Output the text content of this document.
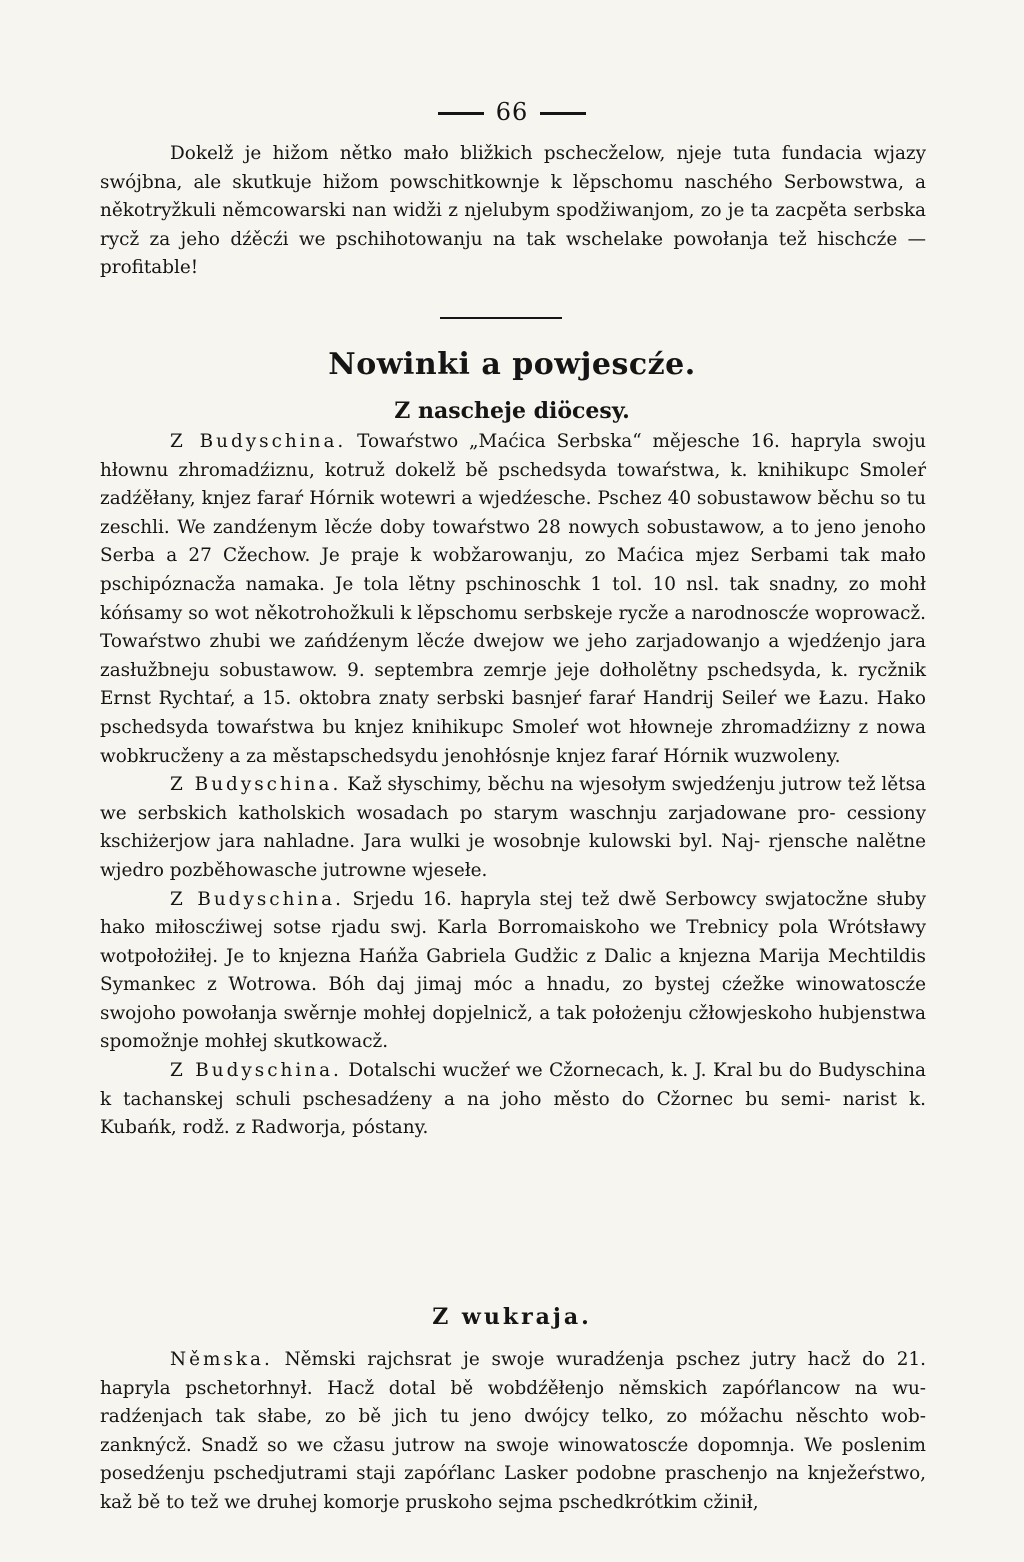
66

Dokelž je hižom nětko mało bližkich pschecželow, njeje tuta fundacia wjazy swójbna, ale skutkuje hižom powschitkownje k lěpschomu naschého Serbowstwa, a někotryžkuli němcowarski nan widži z njelubym spodžiwanjom, zo je ta zacpěta serbska rycž za jeho dźěcźi we pschihotowanju na tak wschelake powołanja tež hischcźe — profitable!

Nowinki a powjescźe.
Z naschejе diöcesy.

Z Budyschina. Towaŕstwo „Maćica Serbska“ mějesche 16. hapryla swoju hłownu zhromadźiznu, kotruž dokelž bě pschedsyda towaŕstwa, k. knihikupc Smoleŕ zadźěłany, knjez faraŕ Hórnik wotewri a wjedźesche. Pschez 40 sobustawow běchu so tu zeschli. We zandźenym lěcźe doby towaŕstwo 28 nowych sobustawow, a to jeno jenoho Serba a 27 Cžechow. Je praje k wobžarowanju, zo Maćica mjez Serbami tak mało pschipóznacža namaka. Je tola lětny pschinoschk 1 tol. 10 nsl. tak snadny, zo mohł kóńsamy so wot někotrohožkuli k lěpschomu serbskeje rycže a narodnoscźe woprowacž. Towaŕstwo zhubi we zańdźenym lěcźe dwejow we jeho zarjadowanjo a wjedźenjo jara zasłužbneju sobustawow. 9. septembra zemrje jeje dołholětny pschedsyda, k. rycžnik Ernst Rychtaŕ, a 15. oktobra znaty serbski basnjeŕ faraŕ Handrij Seileŕ we Łazu. Hako pschedsyda towaŕstwa bu knjez knihikupc Smoleŕ wot hłowneje zhromadźizny z nowa wobkrucženy a za městapschedsydu jenohłósnje knjez faraŕ Hórnik wuzwoleny.

Z Budyschina. Kaž słyschimy, běchu na wjesołym swjedźenju jutrow tež lětsa we serbskich katholskich wosadach po starym waschnju zarjadowane pro- cessiony kschiżerjow jara nahladne. Jara wulki je wosobnje kulowski byl. Naj- rjensche nalětne wjedro pozběhowasche jutrowne wjesełe.

Z Budyschina. Srjedu 16. hapryla stej tež dwě Serbowcy swjatocžne słuby hako miłoscźiwej sotse rjadu swj. Karla Borromaiskoho we Trebnicy pola Wrótsławy wotpołożiłej. Je to knjezna Hańža Gabriela Gudžic z Dalic a knjezna Marija Mechtildis Symankec z Wotrowa. Bóh daj jimaj móc a hnadu, zo bystej cźežke winowatoscźe swojoho powołanja swěrnje mohłej dopjelnicž, a tak położenju cžłowjeskoho hubjenstwa spomožnje mohłej skutkowacž.

Z Budyschina. Dotalschi wucžeŕ we Cžornecach, k. J. Kral bu do Budyschina k tachanskej schuli pschesadźeny a na joho město do Cžornec bu semi- narist k. Kubańk, rodž. z Radworja, póstany.

Z wukraja.

Němska. Němski rajchsrat je swoje wuradźenja pschez jutry hacž do 21. hapryla pschetorhnył. Hacž dotal bě wobdźěłenjo němskich zapóŕlancow na wu- radźenjach tak słabe, zo bě jich tu jeno dwójcy telko, zo móžachu něschto wob- zanknýcž. Snadž so we cžasu jutrow na swoje winowatoscźe dopomnja. We poslenim posedźenju pschedjutrami staji zapóŕlanc Lasker podobne praschenjo na knježeŕstwo, kaž bě to tež we druhej komorje pruskoho sejma pschedkrótkim cžinił,
